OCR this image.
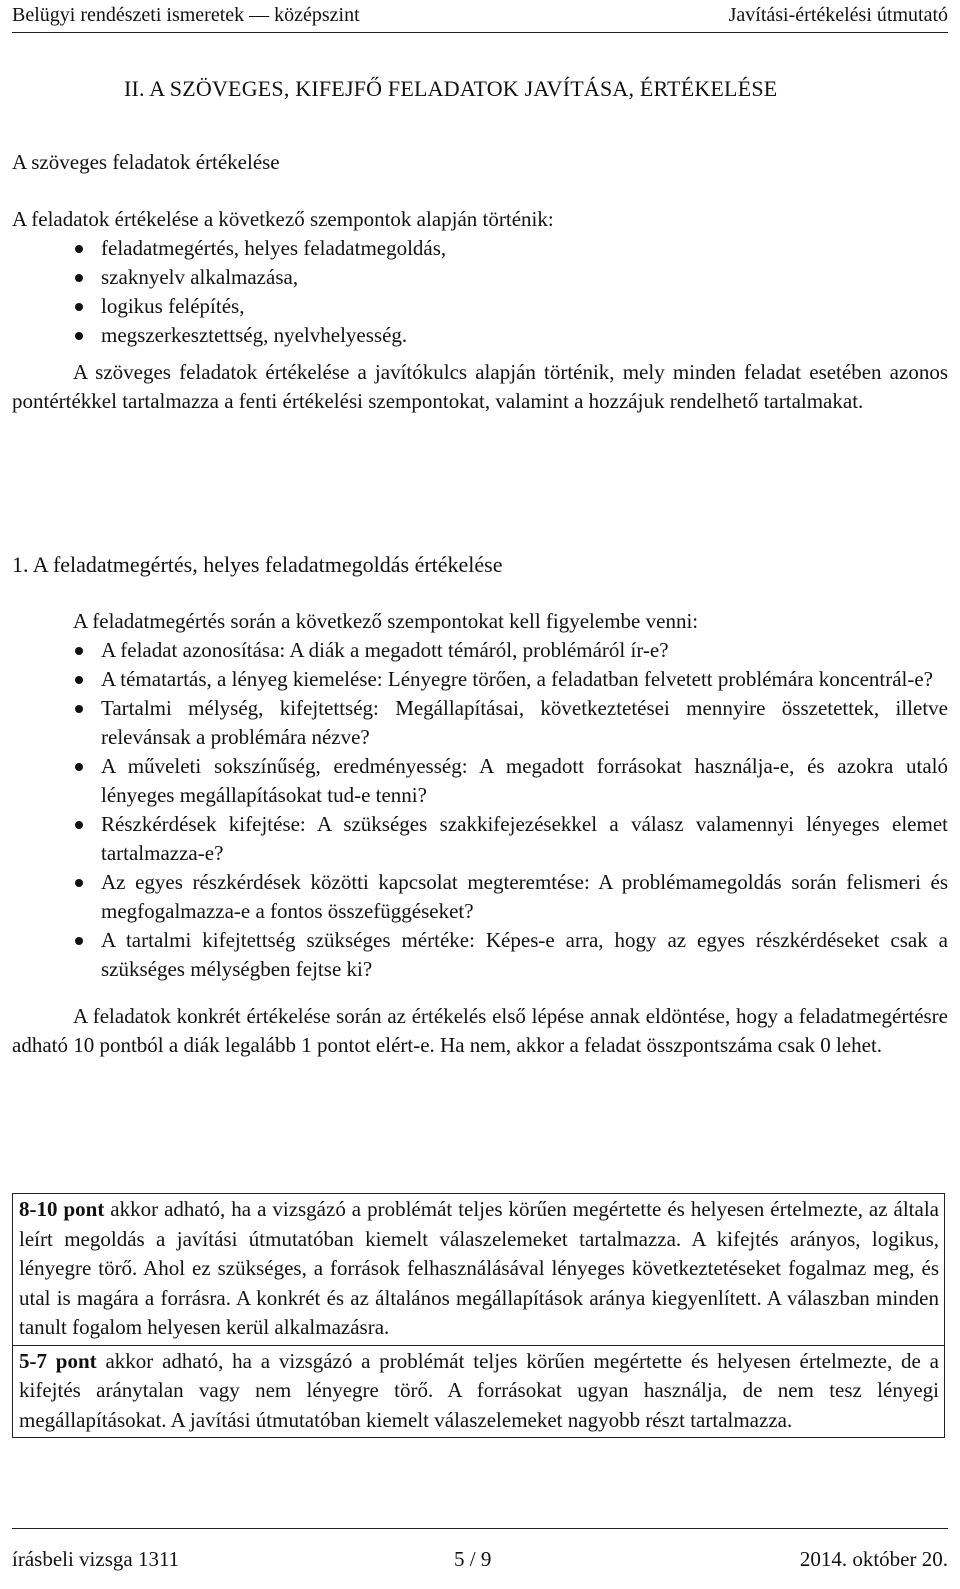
Belügyi rendészeti ismeretek — középszint	Javítási-értékelési útmutató
II. A SZÖVEGES, KIFEJFŐ FELADATOK JAVÍTÁSA, ÉRTÉKELÉSE
A szöveges feladatok értékelése

A feladatok értékelése a következő szempontok alapján történik:

feladatmegértés, helyes feladatmegoldás,
szaknyelv alkalmazása,
logikus felépítés,
megszerkesztettség, nyelvhelyesség.

A szöveges feladatok értékelése a javítókulcs alapján történik, mely minden feladat esetében azonos pontértékkel tartalmazza a fenti értékelési szempontokat, valamint a hozzájuk rendelhető tartalmakat.

1. A feladatmegértés, helyes feladatmegoldás értékelése

A feladatmegértés során a következő szempontokat kell figyelembe venni:

A feladat azonosítása: A diák a megadott témáról, problémáról ír-e?
A tématartás, a lényeg kiemelése: Lényegre törően, a feladatban felvetett problémára koncentrál-e?
Tartalmi mélység, kifejtettség: Megállapításai, következtetései mennyire összetettek, illetve relevánsak a problémára nézve?
A műveleti sokszínűség, eredményesség: A megadott forrásokat használja-e, és azokra utaló lényeges megállapításokat tud-e tenni?
Részkérdések kifejtése: A szükséges szakkifejezésekkel a válasz valamennyi lényeges elemet tartalmazza-e?
Az egyes részkérdések közötti kapcsolat megteremtése: A problémamegoldás során felismeri és megfogalmazza-e a fontos összefüggéseket?
A tartalmi kifejtettség szükséges mértéke: Képes-e arra, hogy az egyes részkérdéseket csak a szükséges mélységben fejtse ki?

A feladatok konkrét értékelése során az értékelés első lépése annak eldöntése, hogy a feladatmegértésre adható 10 pontból a diák legalább 1 pontot elért-e. Ha nem, akkor a feladat összpontszáma csak 0 lehet.

8-10 pont akkor adható, ha a vizsgázó a problémát teljes körűen megértette és helyesen értelmezte, az általa leírt megoldás a javítási útmutatóban kiemelt válaszelemeket tartalmazza. A kifejtés arányos, logikus, lényegre törő. Ahol ez szükséges, a források felhasználásával lényeges következtetéseket fogalmaz meg, és utal is magára a forrásra. A konkrét és az általános megállapítások aránya kiegyenlített. A válaszban minden tanult fogalom helyesen kerül alkalmazásra.
5-7 pont akkor adható, ha a vizsgázó a problémát teljes körűen megértette és helyesen értelmezte, de a kifejtés aránytalan vagy nem lényegre törő. A forrásokat ugyan használja, de nem tesz lényegi megállapításokat. A javítási útmutatóban kiemelt válaszelemeket nagyobb részt tartalmazza.
írásbeli vizsga 1311	5 / 9	2014. október 20.
